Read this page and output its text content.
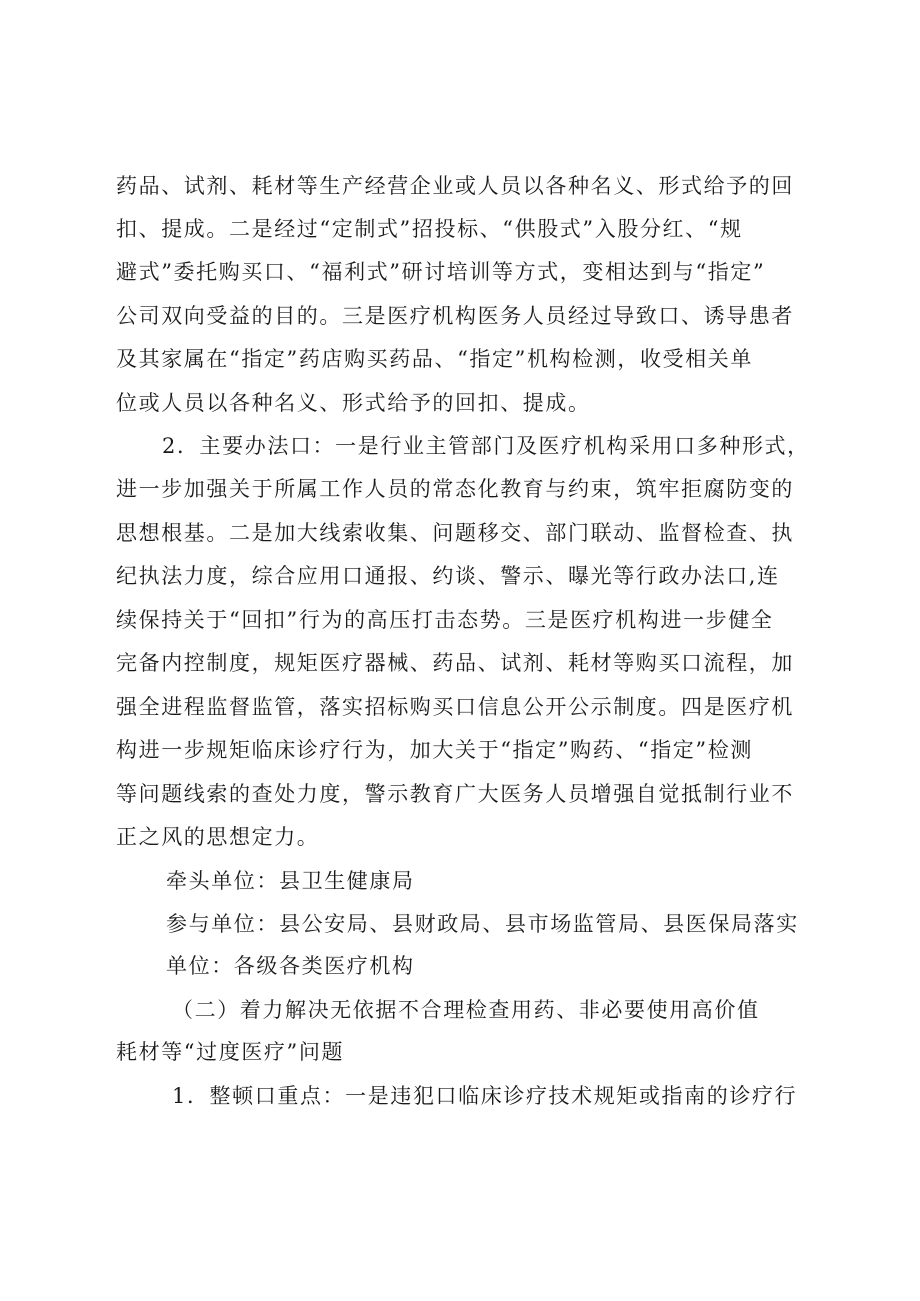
药品、试剂、耗材等生产经营企业或人员以各种名义、形式给予的回
扣、提成。二是经过“定制式”招投标、“供股式”入股分红、“规
避式”委托购买口、“福利式”研讨培训等方式，变相达到与“指定”
公司双向受益的目的。三是医疗机构医务人员经过导致口、诱导患者
及其家属在“指定”药店购买药品、“指定”机构检测，收受相关单
位或人员以各种名义、形式给予的回扣、提成。
2．主要办法口：一是行业主管部门及医疗机构采用口多种形式，
进一步加强关于所属工作人员的常态化教育与约束，筑牢拒腐防变的
思想根基。二是加大线索收集、问题移交、部门联动、监督检查、执
纪执法力度，综合应用口通报、约谈、警示、曝光等行政办法口,连
续保持关于“回扣”行为的高压打击态势。三是医疗机构进一步健全
完备内控制度，规矩医疗器械、药品、试剂、耗材等购买口流程，加
强全进程监督监管，落实招标购买口信息公开公示制度。四是医疗机
构进一步规矩临床诊疗行为，加大关于“指定”购药、“指定”检测
等问题线索的查处力度，警示教育广大医务人员增强自觉抵制行业不
正之风的思想定力。
牵头单位：县卫生健康局
参与单位：县公安局、县财政局、县市场监管局、县医保局落实
单位：各级各类医疗机构
（二）着力解决无依据不合理检查用药、非必要使用高价值
耗材等“过度医疗”问题
1．整顿口重点：一是违犯口临床诊疗技术规矩或指南的诊疗行
